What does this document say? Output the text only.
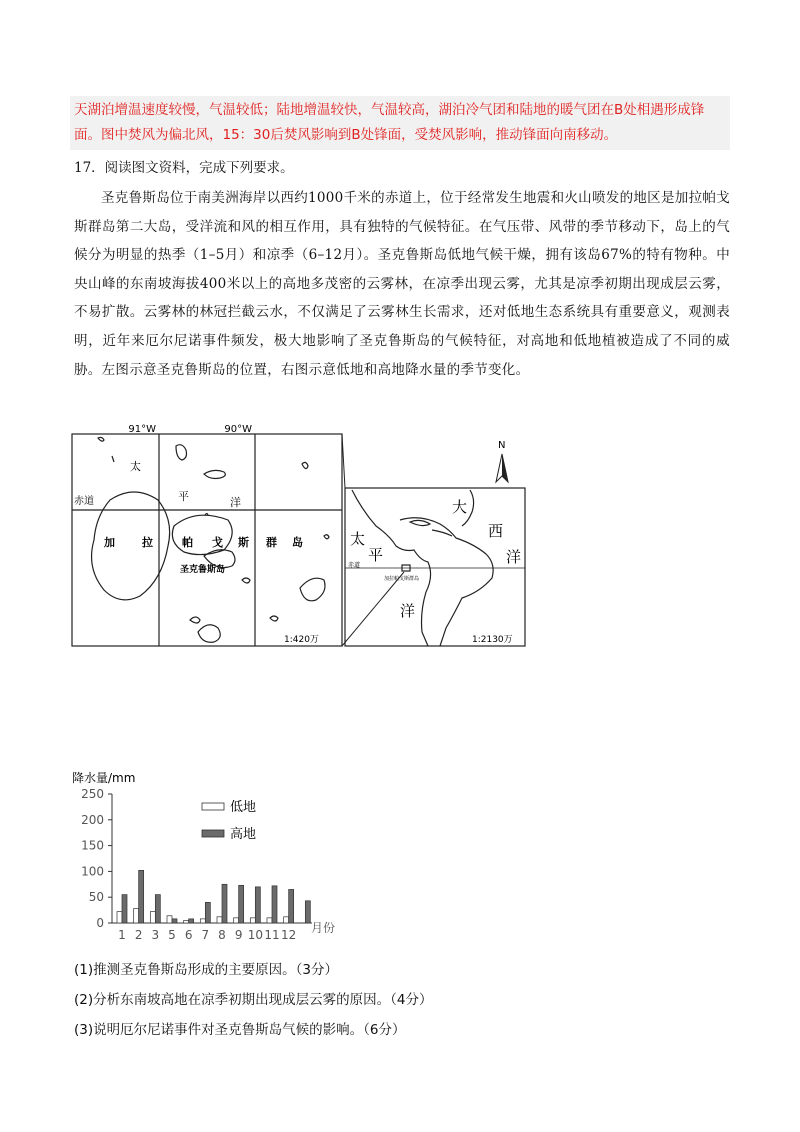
天湖泊增温速度较慢，气温较低；陆地增温较快，气温较高，湖泊冷气团和陆地的暖气团在B处相遇形成锋面。图中焚风为偏北风，15：30后焚风影响到B处锋面，受焚风影响，推动锋面向南移动。
17．阅读图文资料，完成下列要求。
圣克鲁斯岛位于南美洲海岸以西约1000千米的赤道上，位于经常发生地震和火山喷发的地区是加拉帕戈斯群岛第二大岛，受洋流和风的相互作用，具有独特的气候特征。在气压带、风带的季节移动下，岛上的气候分为明显的热季（1–5月）和凉季（6–12月）。圣克鲁斯岛低地气候干燥，拥有该岛67%的特有物种。中央山峰的东南坡海拔400米以上的高地多茂密的云雾林，在凉季出现云雾，尤其是凉季初期出现成层云雾，不易扩散。云雾林的林冠拦截云水，不仅满足了云雾林生长需求，还对低地生态系统具有重要意义，观测表明，近年来厄尔尼诺事件频发，极大地影响了圣克鲁斯岛的气候特征，对高地和低地植被造成了不同的威胁。左图示意圣克鲁斯岛的位置，右图示意低地和高地降水量的季节变化。
91°W	90°W
赤道
太
平	洋
加 拉	帕 戈 斯 群 岛
圣克鲁斯岛
1:420万
大
西
洋
太
平
洋
赤道
加拉帕戈斯群岛
1:2130万
N
降水量/mm
0
50
100
150
200
250
1 2 3 5 6 7 8 9 10 11 12 月份
低地
高地
(1)推测圣克鲁斯岛形成的主要原因。（3分）
(2)分析东南坡高地在凉季初期出现成层云雾的原因。（4分）
(3)说明厄尔尼诺事件对圣克鲁斯岛气候的影响。（6分）
